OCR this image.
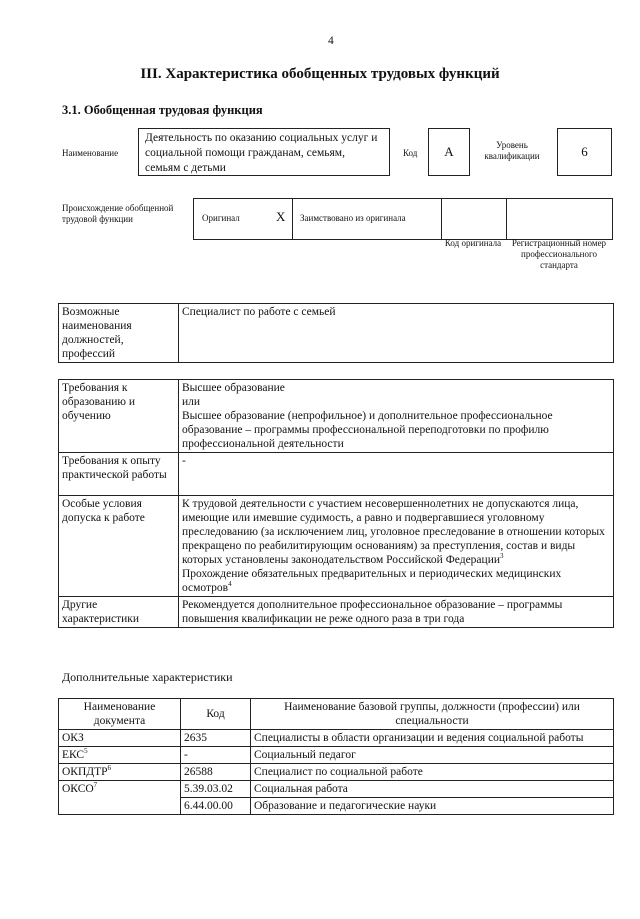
4
III. Характеристика обобщенных трудовых функций
3.1. Обобщенная трудовая функция
Наименование
Деятельность по оказанию социальных услуг и социальной помощи гражданам, семьям, семьям с детьми
Код	А	Уровень квалификации	6
Происхождение обобщенной трудовой функции	Оригинал	X Заимствовано из оригинала
Код оригинала	Регистрационный номер профессионального стандарта
Возможные наименования должностей, профессий	Специалист по работе с семьей
Требования к образованию и обучению	Высшее образование
или
Высшее образование (непрофильное) и дополнительное профессиональное образование – программы профессиональной переподготовки по профилю профессиональной деятельности

Требования к опыту практической работы	-
Особые условия допуска к работе	К трудовой деятельности с участием несовершеннолетних не допускаются лица, имеющие или имевшие судимость, а равно и подвергавшиеся уголовному преследованию (за исключением лиц, уголовное преследование в отношении которых прекращено по реабилитирующим основаниям) за преступления, состав и виды которых установлены законодательством Российской Федерации$^3$
Прохождение обязательных предварительных и периодических медицинских осмотров$^4$

Другие характеристики	Рекомендуется дополнительное профессиональное образование – программы повышения квалификации не реже одного раза в три года
Дополнительные характеристики
Наименование документа	Код	Наименование базовой группы, должности (профессии) или специальности
ОКЗ	2635	Специалисты в области организации и ведения социальной работы
ЕКС$^5$	-	Социальный педагог
ОКПДТР$^6$	26588	Специалист по социальной работе
ОКСО$^7$	5.39.03.02	Социальная работа
	6.44.00.00	Образование и педагогические науки
